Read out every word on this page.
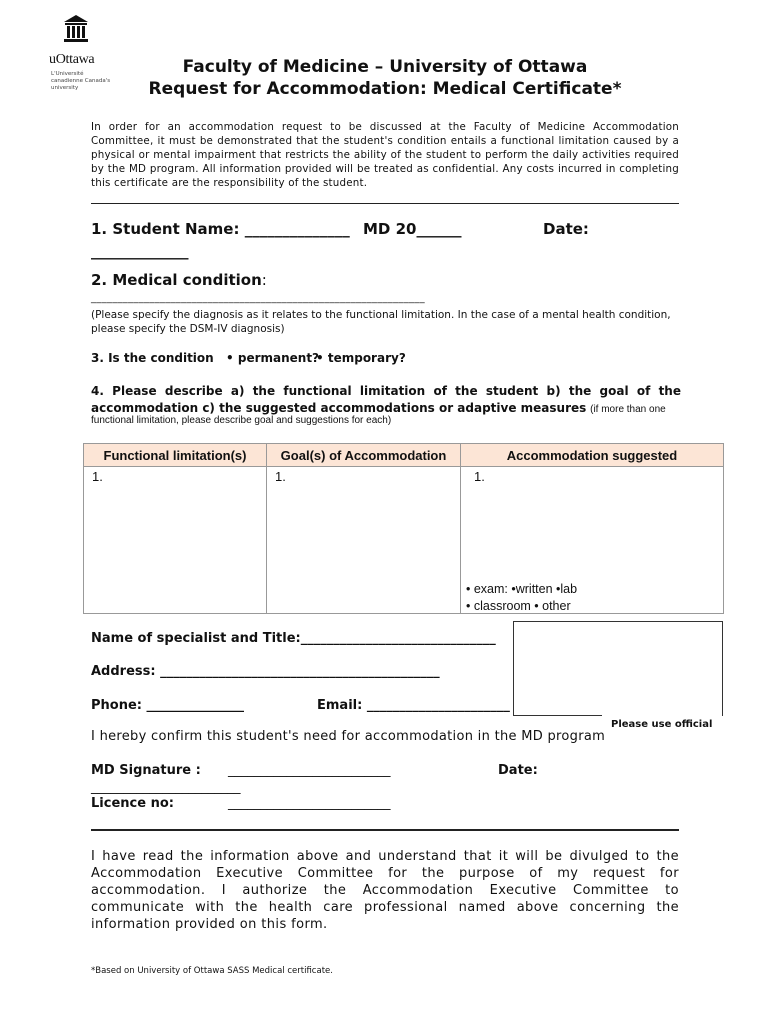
uOttawa
L'Université canadienne Canada's university
Faculty of Medicine – University of Ottawa
Request for Accommodation: Medical Certificate*
In order for an accommodation request to be discussed at the Faculty of Medicine Accommodation Committee, it must be demonstrated that the student's condition entails a functional limitation caused by a physical or mental impairment that restricts the ability of the student to perform the daily activities required by the MD program. All information provided will be treated as confidential. Any costs incurred in completing this certificate are the responsibility of the student.
1. Student Name: ______________ MD 20______	Date:
_____________
2. Medical condition:
_______________________________________________________________
(Please specify the diagnosis as it relates to the functional limitation. In the case of a mental health condition, please specify the DSM-IV diagnosis)
3. Is the condition • permanent?
• temporary?
4. Please describe a) the functional limitation of the student b) the goal of the accommodation c) the suggested accommodations or adaptive measures (if more than one
functional limitation, please describe goal and suggestions for each)
Functional limitation(s)	Goal(s) of Accommodation	Accommodation suggested

1.	1.	1.
• exam: •written •lab
• classroom • other
Please use official
Name of specialist and Title:______________________________
Address: ___________________________________________
Phone: _______________	Email: ______________________
I hereby confirm this student's need for accommodation in the MD program
MD Signature : _________________________	Date:
_______________________
Licence no:	_________________________
I have read the information above and understand that it will be divulged to the Accommodation Executive Committee for the purpose of my request for accommodation. I authorize the Accommodation Executive Committee to communicate with the health care professional named above concerning the information provided on this form.
*Based on University of Ottawa SASS Medical certificate.
